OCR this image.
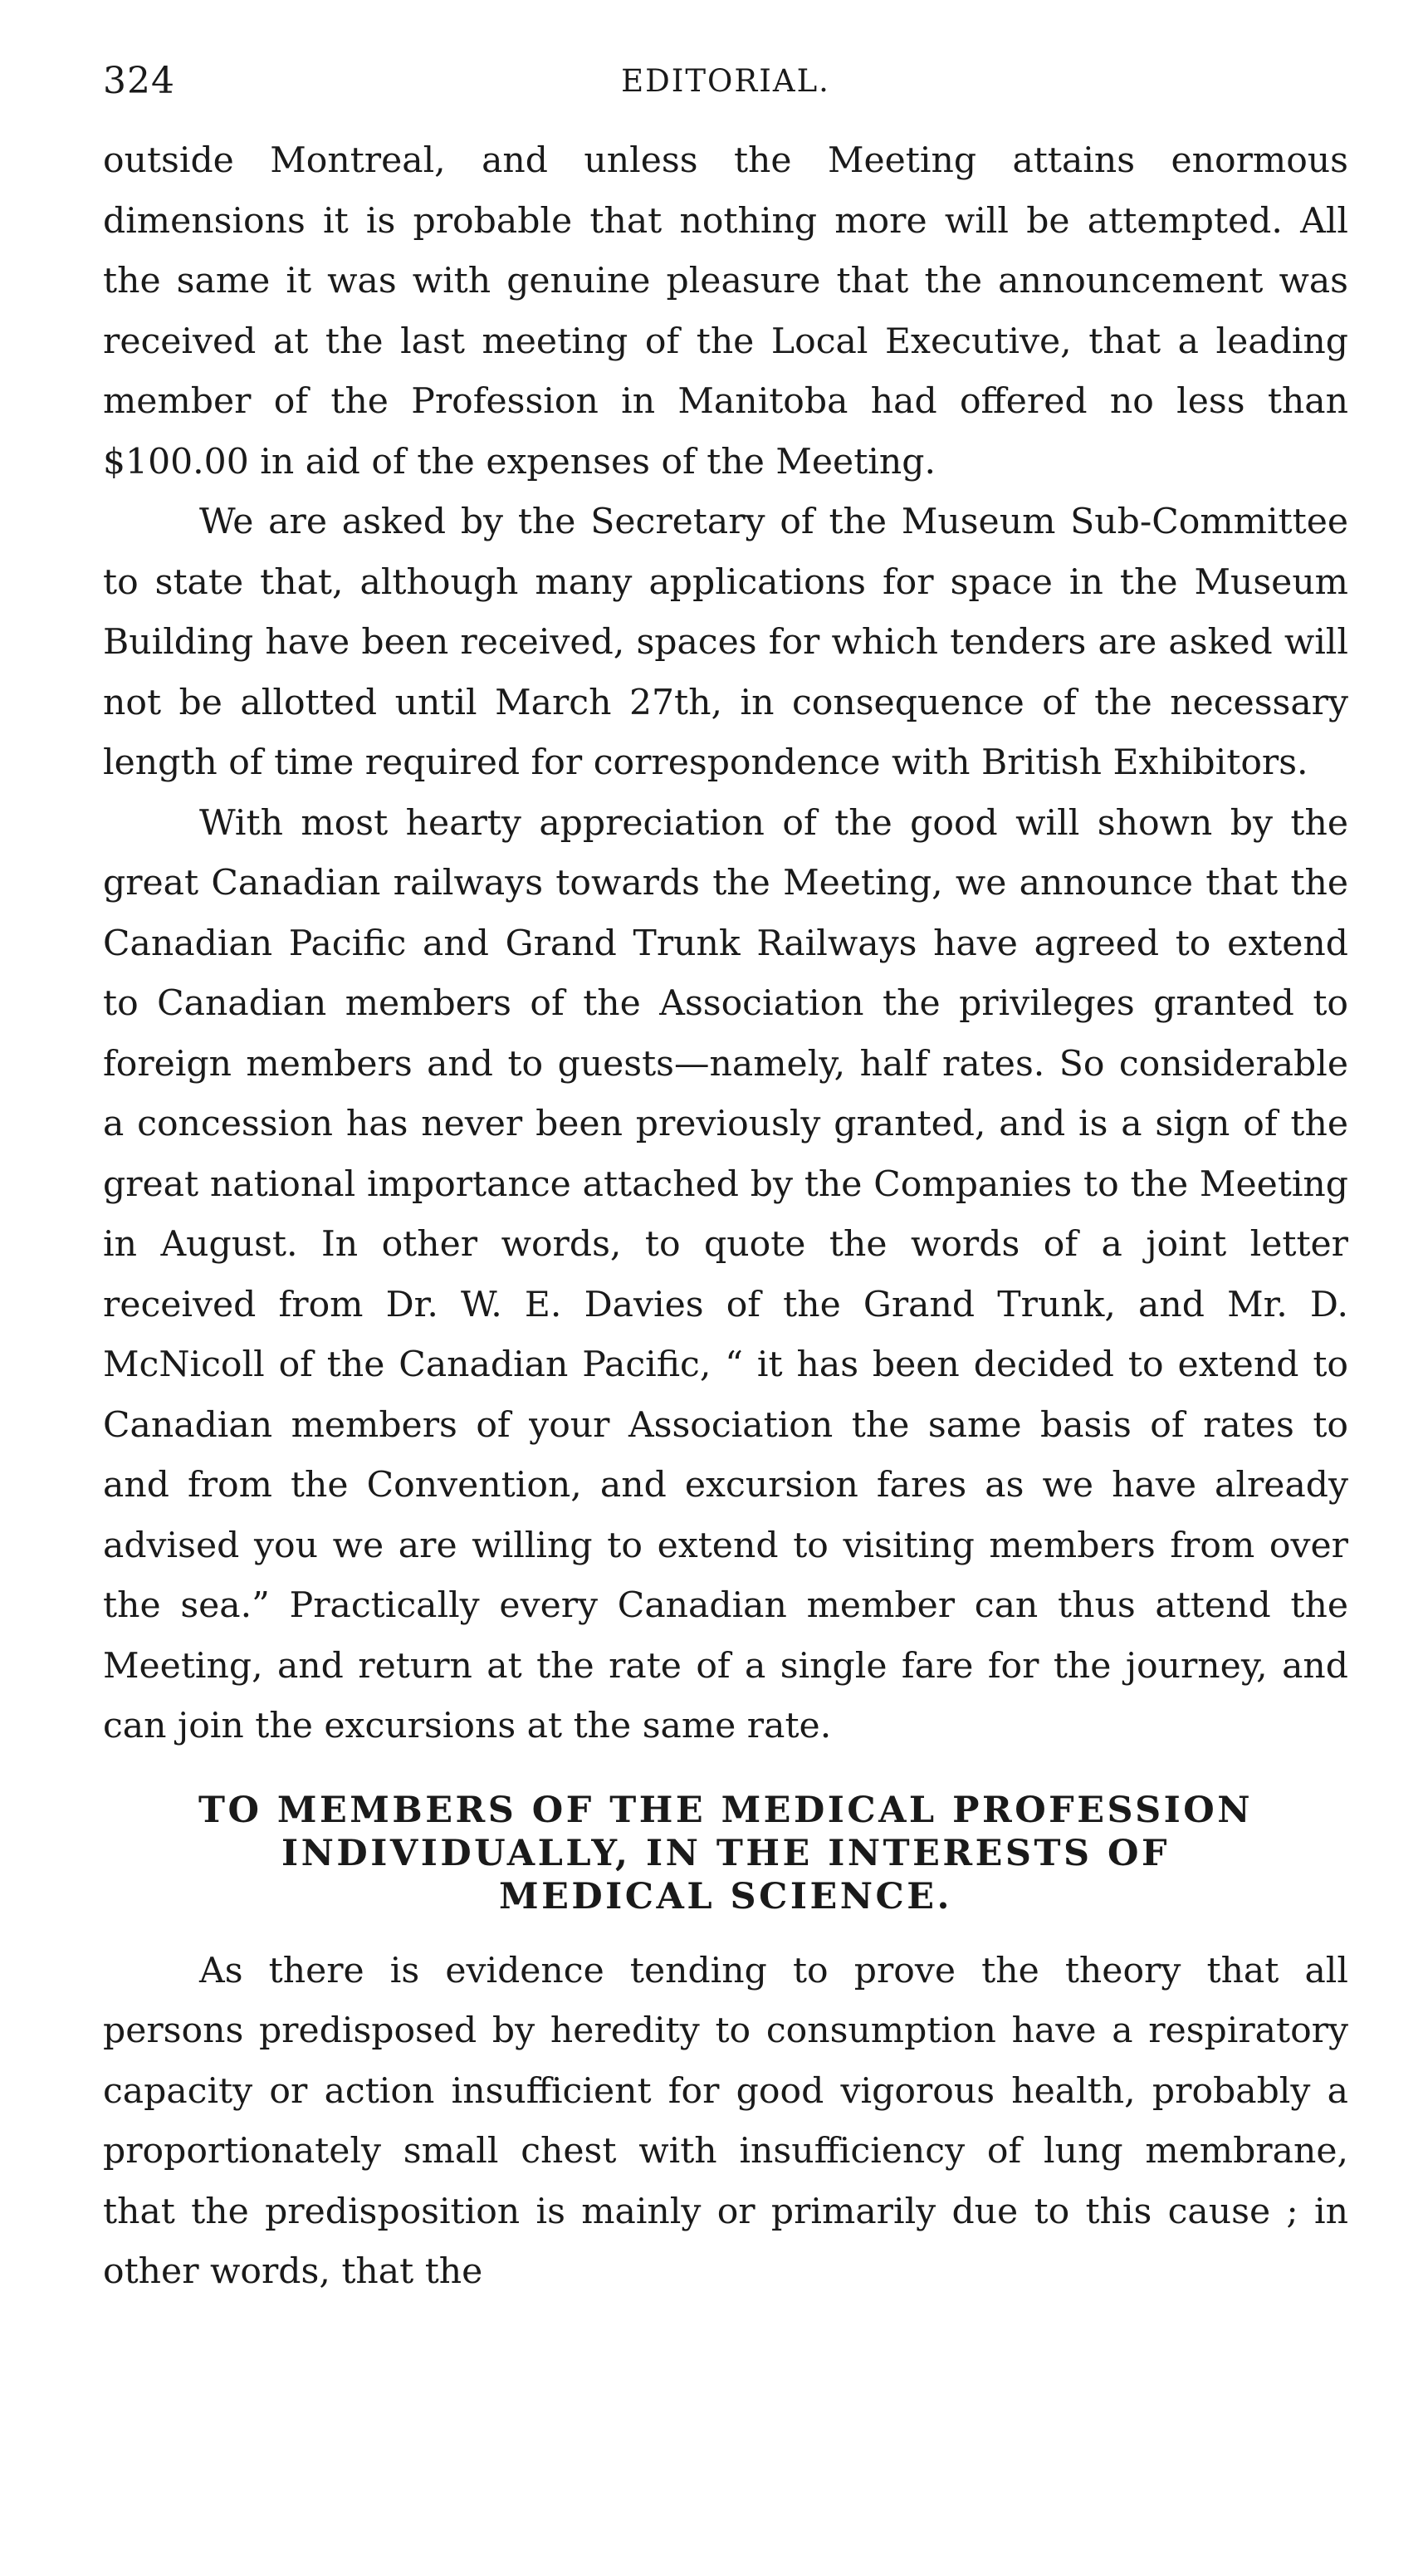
324	EDITORIAL.

outside Montreal, and unless the Meeting attains enormous dimensions it is probable that nothing more will be attempted. All the same it was with genuine pleasure that the announcement was received at the last meeting of the Local Executive, that a leading member of the Profession in Manitoba had offered no less than $100.00 in aid of the expenses of the Meeting.

We are asked by the Secretary of the Museum Sub-Committee to state that, although many applications for space in the Museum Building have been received, spaces for which tenders are asked will not be allotted until March 27th, in consequence of the necessary length of time required for correspondence with British Exhibitors.

With most hearty appreciation of the good will shown by the great Canadian railways towards the Meeting, we announce that the Canadian Pacific and Grand Trunk Railways have agreed to extend to Canadian members of the Association the privileges granted to foreign members and to guests—namely, half rates. So considerable a concession has never been previously granted, and is a sign of the great national importance attached by the Companies to the Meeting in August. In other words, to quote the words of a joint letter received from Dr. W. E. Davies of the Grand Trunk, and Mr. D. McNicoll of the Canadian Pacific, “ it has been decided to extend to Canadian members of your Association the same basis of rates to and from the Convention, and excursion fares as we have already advised you we are willing to extend to visiting members from over the sea.” Practically every Canadian member can thus attend the Meeting, and return at the rate of a single fare for the journey, and can join the excursions at the same rate.

TO MEMBERS OF THE MEDICAL PROFESSION
INDIVIDUALLY, IN THE INTERESTS OF
MEDICAL SCIENCE.

As there is evidence tending to prove the theory that all persons predisposed by heredity to consumption have a respiratory capacity or action insufficient for good vigorous health, probably a proportionately small chest with insufficiency of lung membrane, that the predisposition is mainly or primarily due to this cause ; in other words, that the
